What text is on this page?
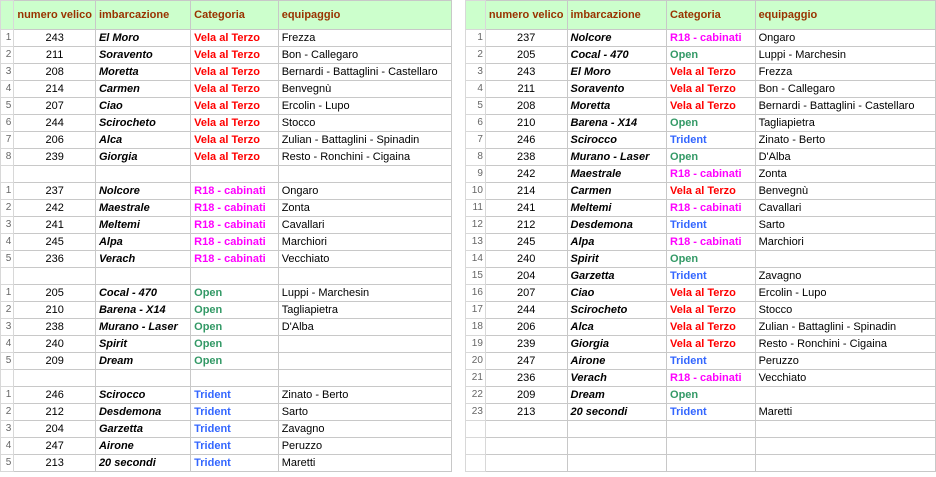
	numero velico	imbarcazione	Categoria	equipaggio
1	243	El Moro	Vela al Terzo	Frezza
2	211	Soravento	Vela al Terzo	Bon - Callegaro
3	208	Moretta	Vela al Terzo	Bernardi - Battaglini - Castellaro
4	214	Carmen	Vela al Terzo	Benvegnù
5	207	Ciao	Vela al Terzo	Ercolin - Lupo
6	244	Scirocheto	Vela al Terzo	Stocco
7	206	Alca	Vela al Terzo	Zulian - Battaglini - Spinadin
8	239	Giorgia	Vela al Terzo	Resto - Ronchini - Cigaina

1	237	Nolcore	R18 - cabinati	Ongaro
2	242	Maestrale	R18 - cabinati	Zonta
3	241	Meltemi	R18 - cabinati	Cavallari
4	245	Alpa	R18 - cabinati	Marchiori
5	236	Verach	R18 - cabinati	Vecchiato

1	205	Cocal - 470	Open	Luppi - Marchesin
2	210	Barena - X14	Open	Tagliapietra
3	238	Murano - Laser	Open	D'Alba
4	240	Spirit	Open	
5	209	Dream	Open	

1	246	Scirocco	Trident	Zinato - Berto
2	212	Desdemona	Trident	Sarto
3	204	Garzetta	Trident	Zavagno
4	247	Airone	Trident	Peruzzo
5	213	20 secondi	Trident	Maretti
	numero velico	imbarcazione	Categoria	equipaggio
1	237	Nolcore	R18 - cabinati	Ongaro
2	205	Cocal - 470	Open	Luppi - Marchesin
3	243	El Moro	Vela al Terzo	Frezza
4	211	Soravento	Vela al Terzo	Bon - Callegaro
5	208	Moretta	Vela al Terzo	Bernardi - Battaglini - Castellaro
6	210	Barena - X14	Open	Tagliapietra
7	246	Scirocco	Trident	Zinato - Berto
8	238	Murano - Laser	Open	D'Alba
9	242	Maestrale	R18 - cabinati	Zonta
10	214	Carmen	Vela al Terzo	Benvegnù
11	241	Meltemi	R18 - cabinati	Cavallari
12	212	Desdemona	Trident	Sarto
13	245	Alpa	R18 - cabinati	Marchiori
14	240	Spirit	Open	
15	204	Garzetta	Trident	Zavagno
16	207	Ciao	Vela al Terzo	Ercolin - Lupo
17	244	Scirocheto	Vela al Terzo	Stocco
18	206	Alca	Vela al Terzo	Zulian - Battaglini - Spinadin
19	239	Giorgia	Vela al Terzo	Resto - Ronchini - Cigaina
20	247	Airone	Trident	Peruzzo
21	236	Verach	R18 - cabinati	Vecchiato
22	209	Dream	Open	
23	213	20 secondi	Trident	Maretti
